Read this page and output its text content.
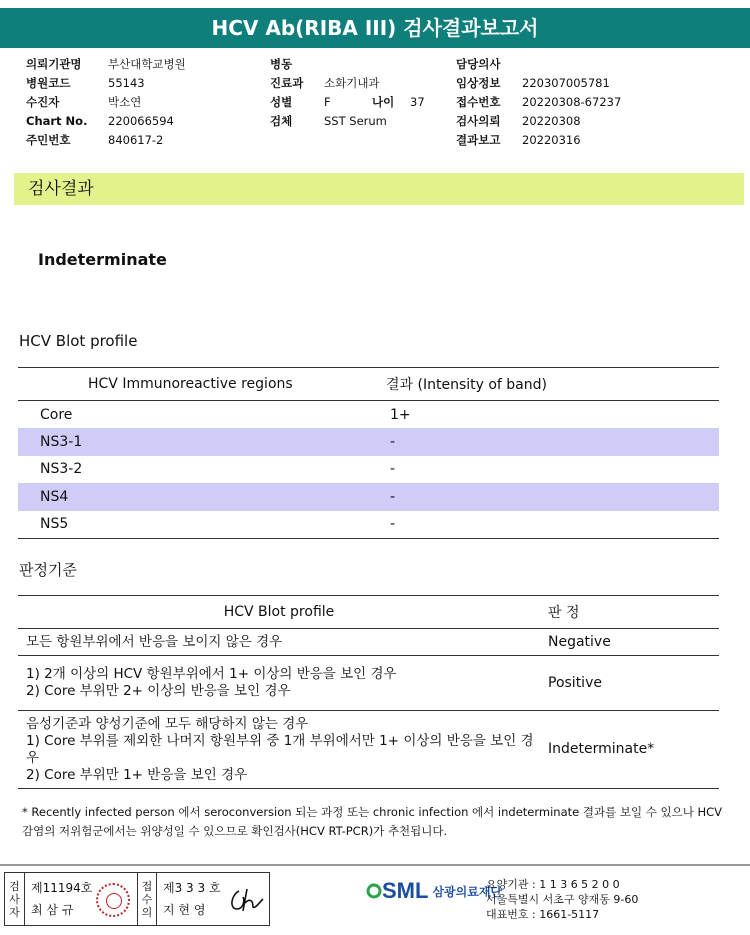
HCV Ab(RIBA III) 검사결과보고서
의뢰기관명	부산대학교병원
병원코드	55143
수진자	박소연
Chart No.	220066594
주민번호	840617-2
병동
진료과	소화기내과
성별	F	나이	37
검체	SST Serum
담당의사
임상정보	220307005781
접수번호	20220308-67237
검사의뢰	20220308
결과보고	20220316
검사결과
Indeterminate
HCV Blot profile
HCV Immunoreactive regions	결과 (Intensity of band)
Core	1+
NS3-1	-
NS3-2	-
NS4	-
NS5	-
판정기준
HCV Blot profile	판 정

모든 항원부위에서 반응을 보이지 않은 경우	Negative

1) 2개 이상의 HCV 항원부위에서 1+ 이상의 반응을 보인 경우
2) Core 부위만 2+ 이상의 반응을 보인 경우	Positive

음성기준과 양성기준에 모두 해당하지 않는 경우
1) Core 부위를 제외한 나머지 항원부위 중 1개 부위에서만 1+ 이상의 반응을 보인 경우
2) Core 부위만 1+ 반응을 보인 경우	Indeterminate*
* Recently infected person 에서 seroconversion 되는 과정 또는 chronic infection 에서 indeterminate 결과를 보일 수 있으나 HCV 감염의 저위험군에서는 위양성일 수 있으므로 확인검사(HCV RT-PCR)가 추천됩니다.
검
사
자
제11194호
최 삼 규
접
수
의
제3 3 3 호
지 현 영
SML 삼광의료재단
요양기관 : 1 1 3 6 5 2 0 0
서울특별시 서초구 양재동 9-60
대표번호 : 1661-5117
